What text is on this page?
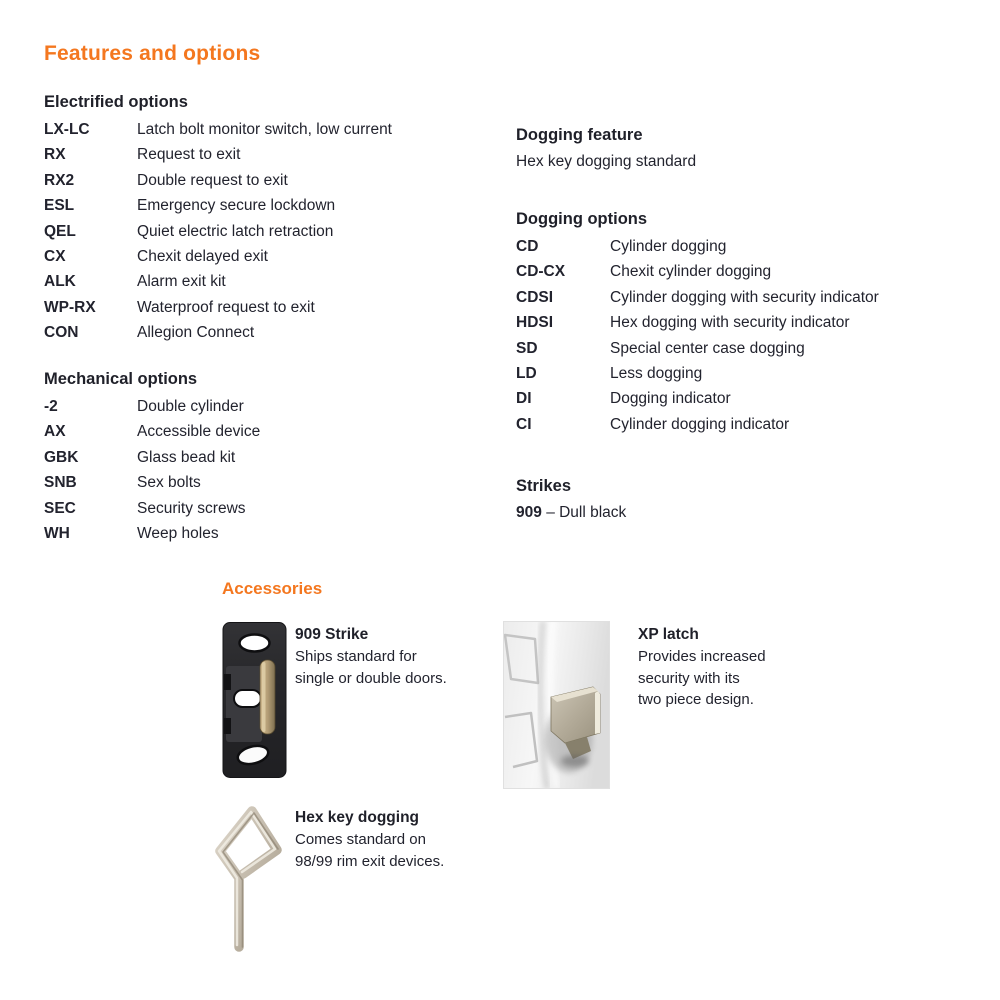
Features and options
Electrified options
LX-LC	Latch bolt monitor switch, low current
RX	Request to exit
RX2	Double request to exit
ESL	Emergency secure lockdown
QEL	Quiet electric latch retraction
CX	Chexit delayed exit
ALK	Alarm exit kit
WP-RX	Waterproof request to exit
CON	Allegion Connect
Mechanical options
-2	Double cylinder
AX	Accessible device
GBK	Glass bead kit
SNB	Sex bolts
SEC	Security screws
WH	Weep holes
Dogging feature
Hex key dogging standard
Dogging options
CD	Cylinder dogging
CD-CX	Chexit cylinder dogging
CDSI	Cylinder dogging with security indicator
HDSI	Hex dogging with security indicator
SD	Special center case dogging
LD	Less dogging
DI	Dogging indicator
CI	Cylinder dogging indicator
Strikes
909 – Dull black
Accessories
909 Strike
Ships standard for
single or double doors.
XP latch
Provides increased
security with its
two piece design.
Hex key dogging
Comes standard on
98/99 rim exit devices.
